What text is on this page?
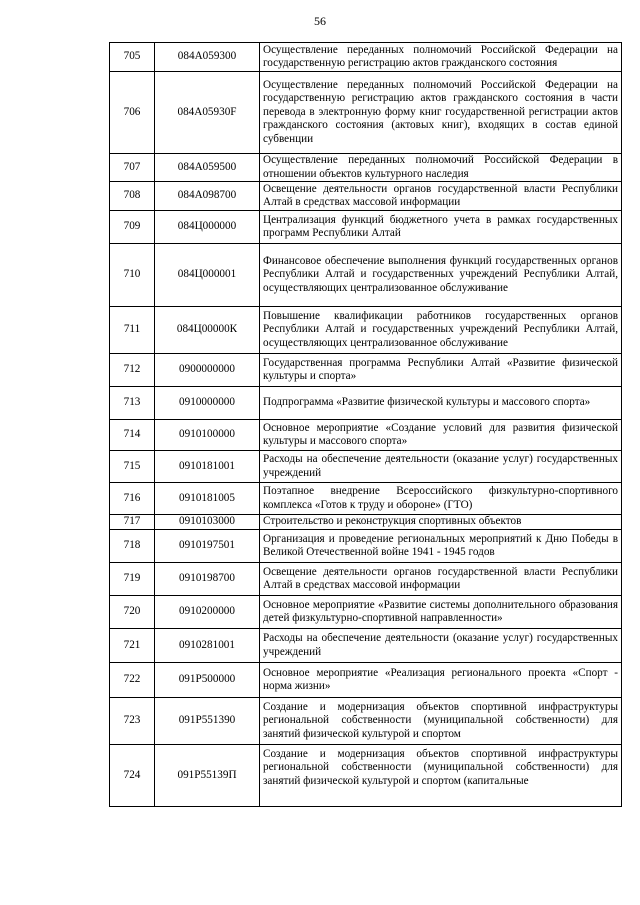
56
705	084A059300	Осуществление переданных полномочий Российской Федерации на государственную регистрацию актов гражданского состояния
706	084A05930F	Осуществление переданных полномочий Российской Федерации на государственную регистрацию актов гражданского состояния в части перевода в электронную форму книг государственной регистрации актов гражданского состояния (актовых книг), входящих в состав единой субвенции
707	084A059500	Осуществление переданных полномочий Российской Федерации в отношении объектов культурного наследия
708	084A098700	Освещение деятельности органов государственной власти Республики Алтай в средствах массовой информации
709	084Ц000000	Централизация функций бюджетного учета в рамках государственных программ Республики Алтай
710	084Ц000001	Финансовое обеспечение выполнения функций государственных органов Республики Алтай и государственных учреждений Республики Алтай, осуществляющих централизованное обслуживание
711	084Ц00000К	Повышение квалификации работников государственных органов Республики Алтай и государственных учреждений Республики Алтай, осуществляющих централизованное обслуживание
712	0900000000	Государственная программа Республики Алтай «Развитие физической культуры и спорта»
713	0910000000	Подпрограмма «Развитие физической культуры и массового спорта»
714	0910100000	Основное мероприятие «Создание условий для развития физической культуры и массового спорта»
715	0910181001	Расходы на обеспечение деятельности (оказание услуг) государственных учреждений
716	0910181005	Поэтапное внедрение Всероссийского физкультурно-спортивного комплекса «Готов к труду и обороне» (ГТО)
717	0910103000	Строительство и реконструкция спортивных объектов
718	0910197501	Организация и проведение региональных мероприятий к Дню Победы в Великой Отечественной войне 1941 - 1945 годов
719	0910198700	Освещение деятельности органов государственной власти Республики Алтай в средствах массовой информации
720	0910200000	Основное мероприятие «Развитие системы дополнительного образования детей физкультурно-спортивной направленности»
721	0910281001	Расходы на обеспечение деятельности (оказание услуг) государственных учреждений
722	091P500000	Основное мероприятие «Реализация регионального проекта «Спорт - норма жизни»
723	091P551390	Создание и модернизация объектов спортивной инфраструктуры региональной собственности (муниципальной собственности) для занятий физической культурой и спортом
724	091P55139П	Создание и модернизация объектов спортивной инфраструктуры региональной собственности (муниципальной собственности) для занятий физической культурой и спортом (капитальные
